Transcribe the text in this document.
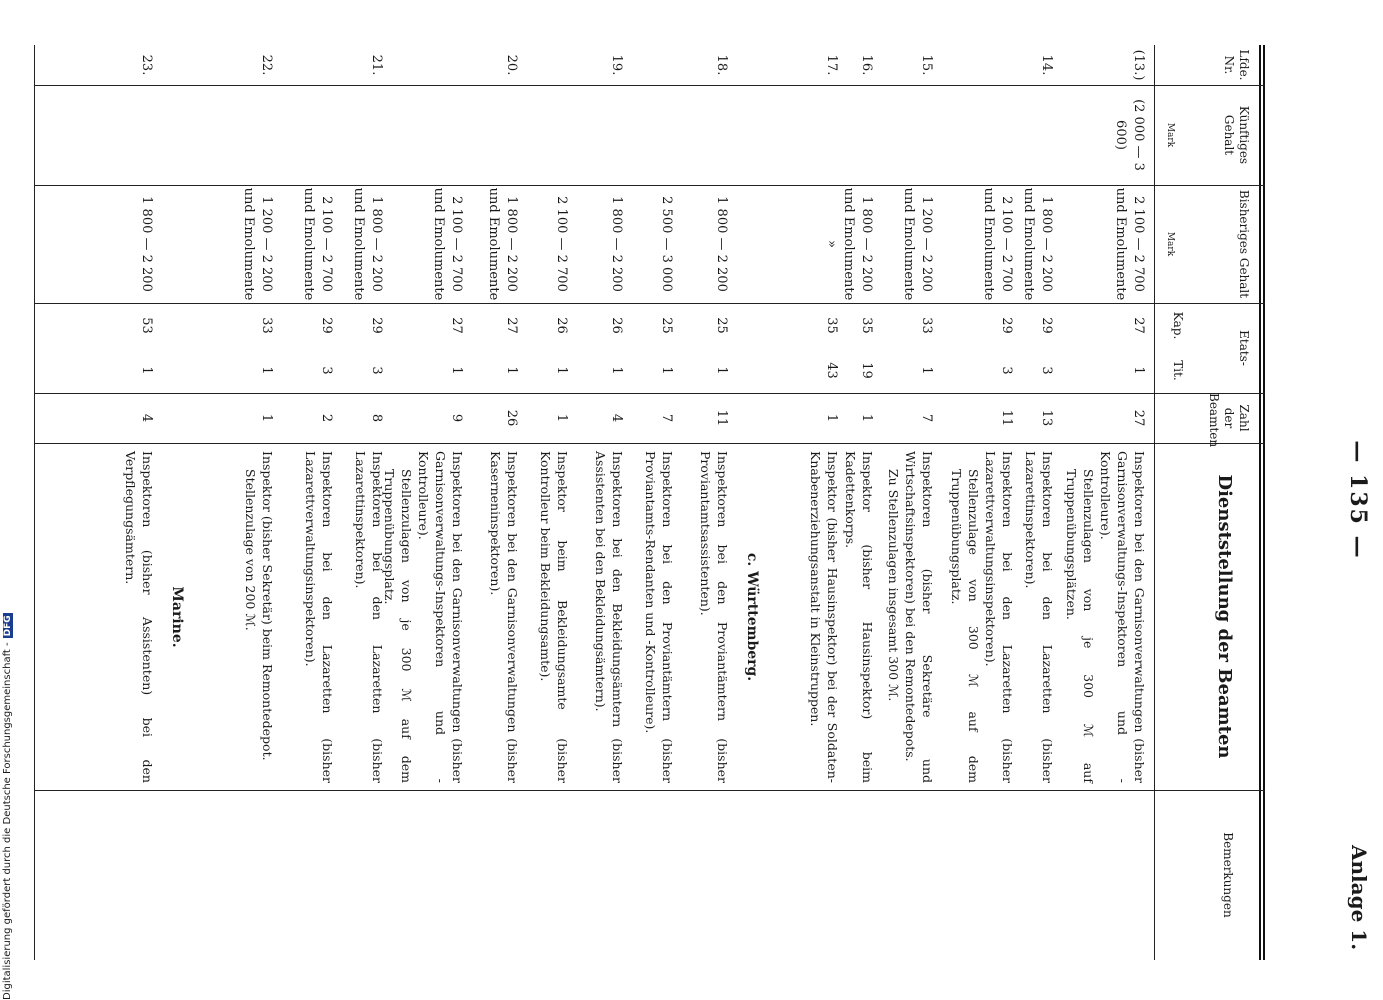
— 135 —
Anlage 1.
Lfde. Nr.
Künftiges Gehalt
Mark
Bisheriges Gehalt
Mark
Etats-
Kap.
Tit.
Zahl der Beamten
Dienststellung der Beamten
Bemerkungen
(13.)
(2 000 — 3 600)
2 100 — 2 700 und Emolumente
27
1
27
Inspektoren bei den Garnisonverwaltungen (bisher Garnisonverwaltungs-Inspektoren und -Kontrolleure).
Stellenzulagen von je 300 ℳ auf Truppenübungsplätzen.
14.
1 800 — 2 200 und Emolumente
29
3
13
Inspektoren bei den Lazaretten (bisher Lazarettinspektoren).
2 100 — 2 700 und Emolumente
29
3
11
Inspektoren bei den Lazaretten (bisher Lazarettverwaltungsinspektoren).
Stellenzulage von 300 ℳ auf dem Truppenübungsplatz.
15.
1 200 — 2 200 und Emolumente
33
1
7
Inspektoren (bisher Sekretäre und Wirtschaftsinspektoren) bei den Remontedepots.
Zu Stellenzulagen insgesamt 300 ℳ.
16.
1 800 — 2 200 und Emolumente
35
19
1
Inspektor (bisher Hausinspektor) beim Kadettenkorps.
17.
»
35
43
1
Inspektor (bisher Hausinspektor) bei der Soldaten-Knabenerziehungsanstalt in Kleinstruppen.
18.
1 800 — 2 200
25
1
11
Inspektoren bei den Proviantämtern (bisher Proviantamtsassistenten).
2 500 — 3 000
25
1
7
Inspektoren bei den Proviantämtern (bisher Proviantamts-Rendanten und -Kontrolleure).
19.
1 800 — 2 200
26
1
4
Inspektoren bei den Bekleidungsämtern (bisher Assistenten bei den Bekleidungsämtern).
2 100 — 2 700
26
1
1
Inspektor beim Bekleidungsamte (bisher Kontrolleur beim Bekleidungsamte).
20.
1 800 — 2 200 und Emolumente
27
1
26
Inspektoren bei den Garnisonverwaltungen (bisher Kaserneninspektoren).
2 100 — 2 700 und Emolumente
27
1
9
Inspektoren bei den Garnisonverwaltungen (bisher Garnisonverwaltungs-Inspektoren und -Kontrolleure).
Stellenzulagen von je 300 ℳ auf dem Truppenübungsplatz.
21.
1 800 — 2 200 und Emolumente
29
3
8
Inspektoren bei den Lazaretten (bisher Lazarettinspektoren).
2 100 — 2 700 und Emolumente
29
3
2
Inspektoren bei den Lazaretten (bisher Lazarettverwaltungsinspektoren).
22.
1 200 — 2 200 und Emolumente
33
1
1
Inspektor (bisher Sekretär) beim Remontedepot.
Stellenzulage von 200 ℳ.
23.
1 800 — 2 200
53
1
4
Inspektoren (bisher Assistenten) bei den Verpflegungsämtern.
c. Württemberg.
Marine.
Digitalisierung gefördert durch die Deutsche Forschungsgemeinschaft -DFG
